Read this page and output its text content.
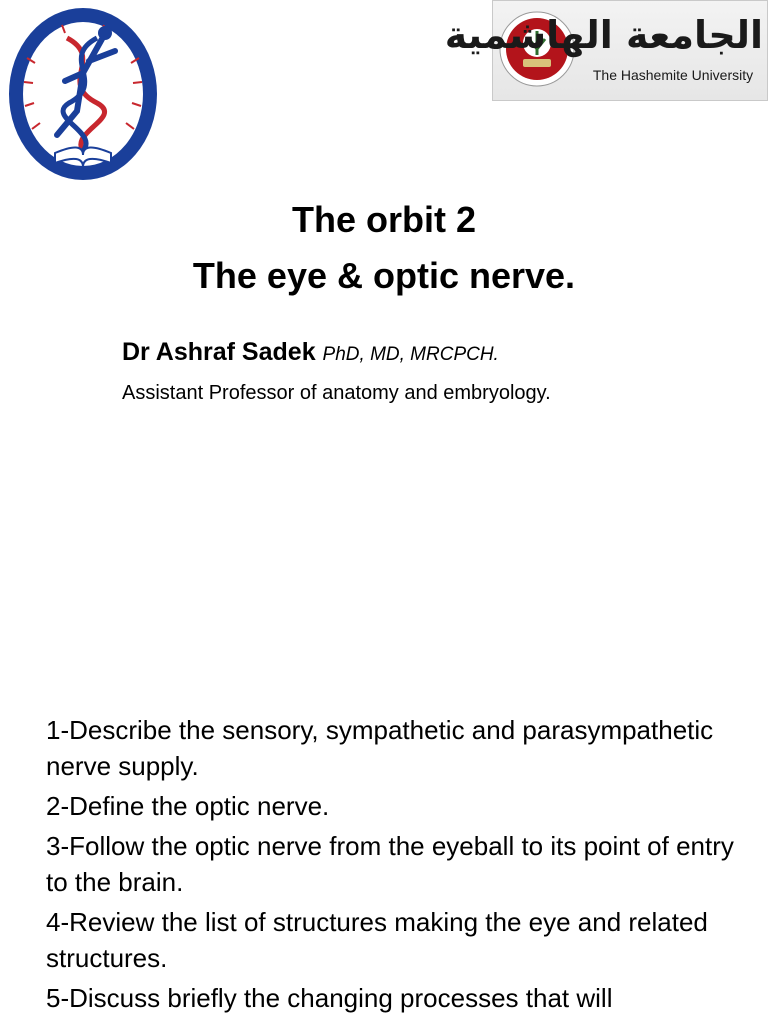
الجامعة الهاشمية
The Hashemite University
The orbit 2
The eye & optic nerve.
Dr Ashraf Sadek PhD, MD, MRCPCH.
Assistant Professor of anatomy and embryology.
1-Describe the sensory, sympathetic and parasympathetic nerve supply.
2-Define the optic nerve.
3-Follow the optic nerve from the eyeball to its point of entry to the brain.
4-Review the list of structures making the eye and related structures.
5-Discuss briefly the changing processes that will
